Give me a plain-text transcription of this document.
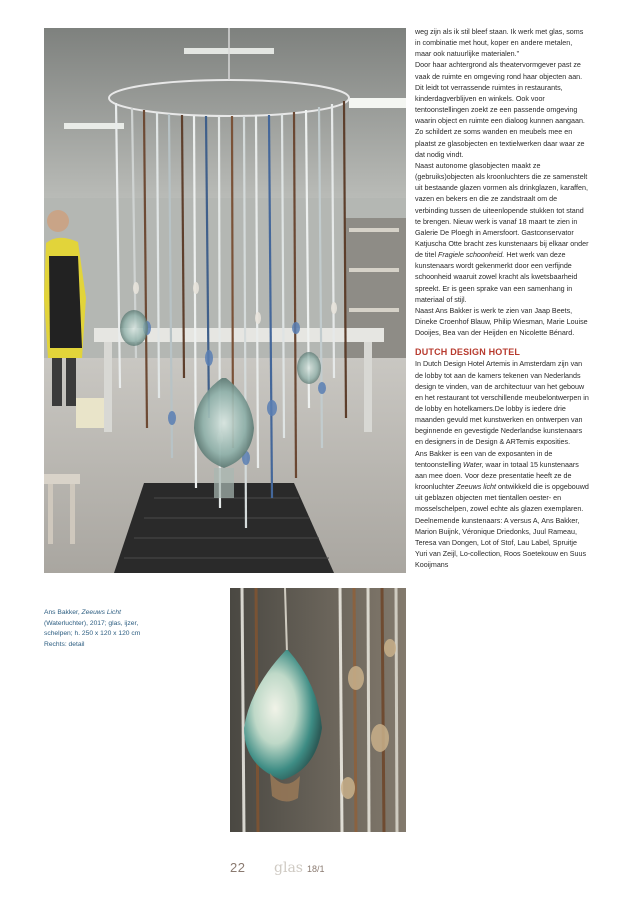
Ans Bakker, Zeeuws Licht (Waterluchter), 2017; glas, ijzer, schelpen; h. 250 x 120 x 120 cm
Rechts: detail

weg zijn als ik stil bleef staan. Ik werk met glas, soms in combinatie met hout, koper en andere metalen, maar ook natuurlijke materialen.”

Door haar achtergrond als theatervormgever past ze vaak de ruimte en omgeving rond haar objecten aan. Dit leidt tot verrassende ruimtes in restaurants, kinderdagverblijven en winkels. Ook voor tentoonstellingen zoekt ze een passende omgeving waarin object en ruimte een dialoog kunnen aangaan. Zo schildert ze soms wanden en meubels mee en plaatst ze glasobjecten en textielwerken daar waar ze dat nodig vindt.

Naast autonome glasobjecten maakt ze (gebruiks)objecten als kroonluchters die ze samenstelt uit bestaande glazen vormen als drinkglazen, karaffen, vazen en bekers en die ze zandstraalt om de verbinding tussen de uiteenlopende stukken tot stand te brengen. Nieuw werk is vanaf 18 maart te zien in Galerie De Ploegh in Amersfoort. Gastconservator Katjuscha Otte bracht zes kunstenaars bij elkaar onder de titel Fragiele schoonheid. Het werk van deze kunstenaars wordt gekenmerkt door een verfijnde schoonheid waaruit zowel kracht als kwetsbaarheid spreekt. Er is geen sprake van een samenhang in materiaal of stijl.

Naast Ans Bakker is werk te zien van Jaap Beets, Dineke Croenhof Blauw, Philip Wiesman, Marie Louise Dooijes, Bea van der Heijden en Nicolette Bénard.

DUTCH DESIGN HOTEL

In Dutch Design Hotel Artemis in Amsterdam zijn van de lobby tot aan de kamers tekenen van Nederlands design te vinden, van de architectuur van het gebouw en het restaurant tot verschillende meubelontwerpen in de lobby en hotelkamers.De lobby is iedere drie maanden gevuld met kunstwerken en ontwerpen van beginnende en gevestigde Nederlandse kunstenaars en designers in de Design & ARTemis exposities.

Ans Bakker is een van de exposanten in de tentoonstelling Water, waar in totaal 15 kunstenaars aan mee doen. Voor deze presentatie heeft ze de kroonluchter Zeeuws licht ontwikkeld die is opgebouwd uit geblazen objecten met tientallen oester- en mosselschelpen, zowel echte als glazen exemplaren.

Deelnemende kunstenaars: A versus A, Ans Bakker, Marion Buijnk, Véronique Driedonks, Juul Rameau, Teresa van Dongen, Lot of Stof, Lau Label, Spruitje Yuri van Zeijl, Lo-collection, Roos Soetekouw en Suus Kooijmans

22 glas 18/1
